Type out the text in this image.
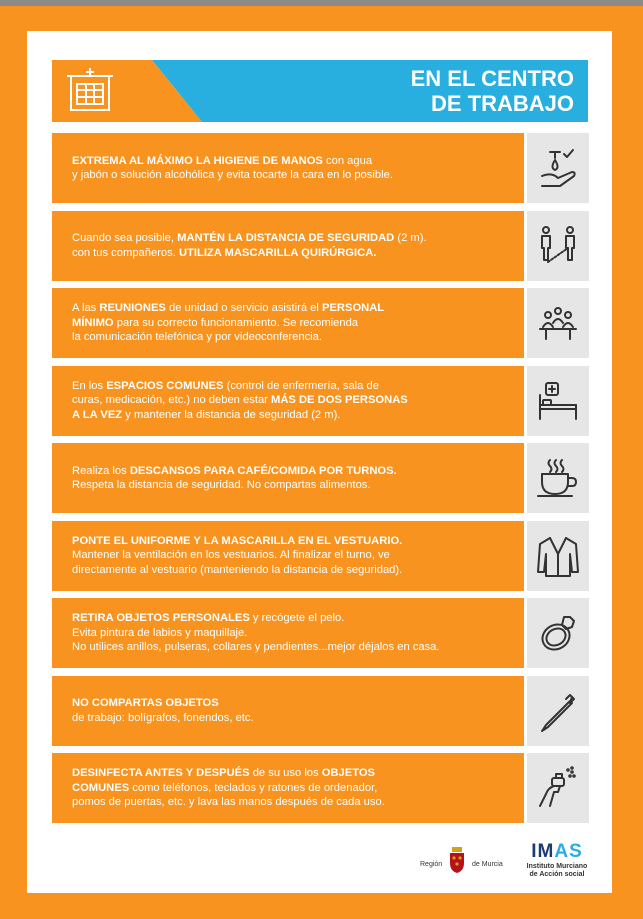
EN EL CENTRO
DE TRABAJO
EXTREMA AL MÁXIMO LA HIGIENE DE MANOS con agua
y jabón o solución alcohólica y evita tocarte la cara en lo posible.
Cuando sea posible, MANTÉN LA DISTANCIA DE SEGURIDAD (2 m).
con tus compañeros. UTILIZA MASCARILLA QUIRÚRGICA.
A las REUNIONES de unidad o servicio asistirá el PERSONAL
MÍNIMO para su correcto funcionamiento. Se recomienda
la comunicación telefónica y por videoconferencia.
En los ESPACIOS COMUNES (control de enfermería, sala de
curas, medicación, etc.) no deben estar MÁS DE DOS PERSONAS
A LA VEZ y mantener la distancia de seguridad (2 m).
Realiza los DESCANSOS PARA CAFÉ/COMIDA POR TURNOS.
Respeta la distancia de seguridad. No compartas alimentos.
PONTE EL UNIFORME Y LA MASCARILLA EN EL VESTUARIO.
Mantener la ventilación en los vestuarios. Al finalizar el turno, ve
directamente al vestuario (manteniendo la distancia de seguridad).
RETIRA OBJETOS PERSONALES y recógete el pelo.
Evita pintura de labios y maquillaje.
No utilices anillos, pulseras, collares y pendientes...mejor déjalos en casa.
NO COMPARTAS OBJETOS
de trabajo: bolígrafos, fonendos, etc.
DESINFECTA ANTES Y DESPUÉS de su uso los OBJETOS
COMUNES como teléfonos, teclados y ratones de ordenador,
pomos de puertas, etc. y lava las manos después de cada uso.
Región	de Murcia
IMAS
Instituto Murciano
de Acción social
